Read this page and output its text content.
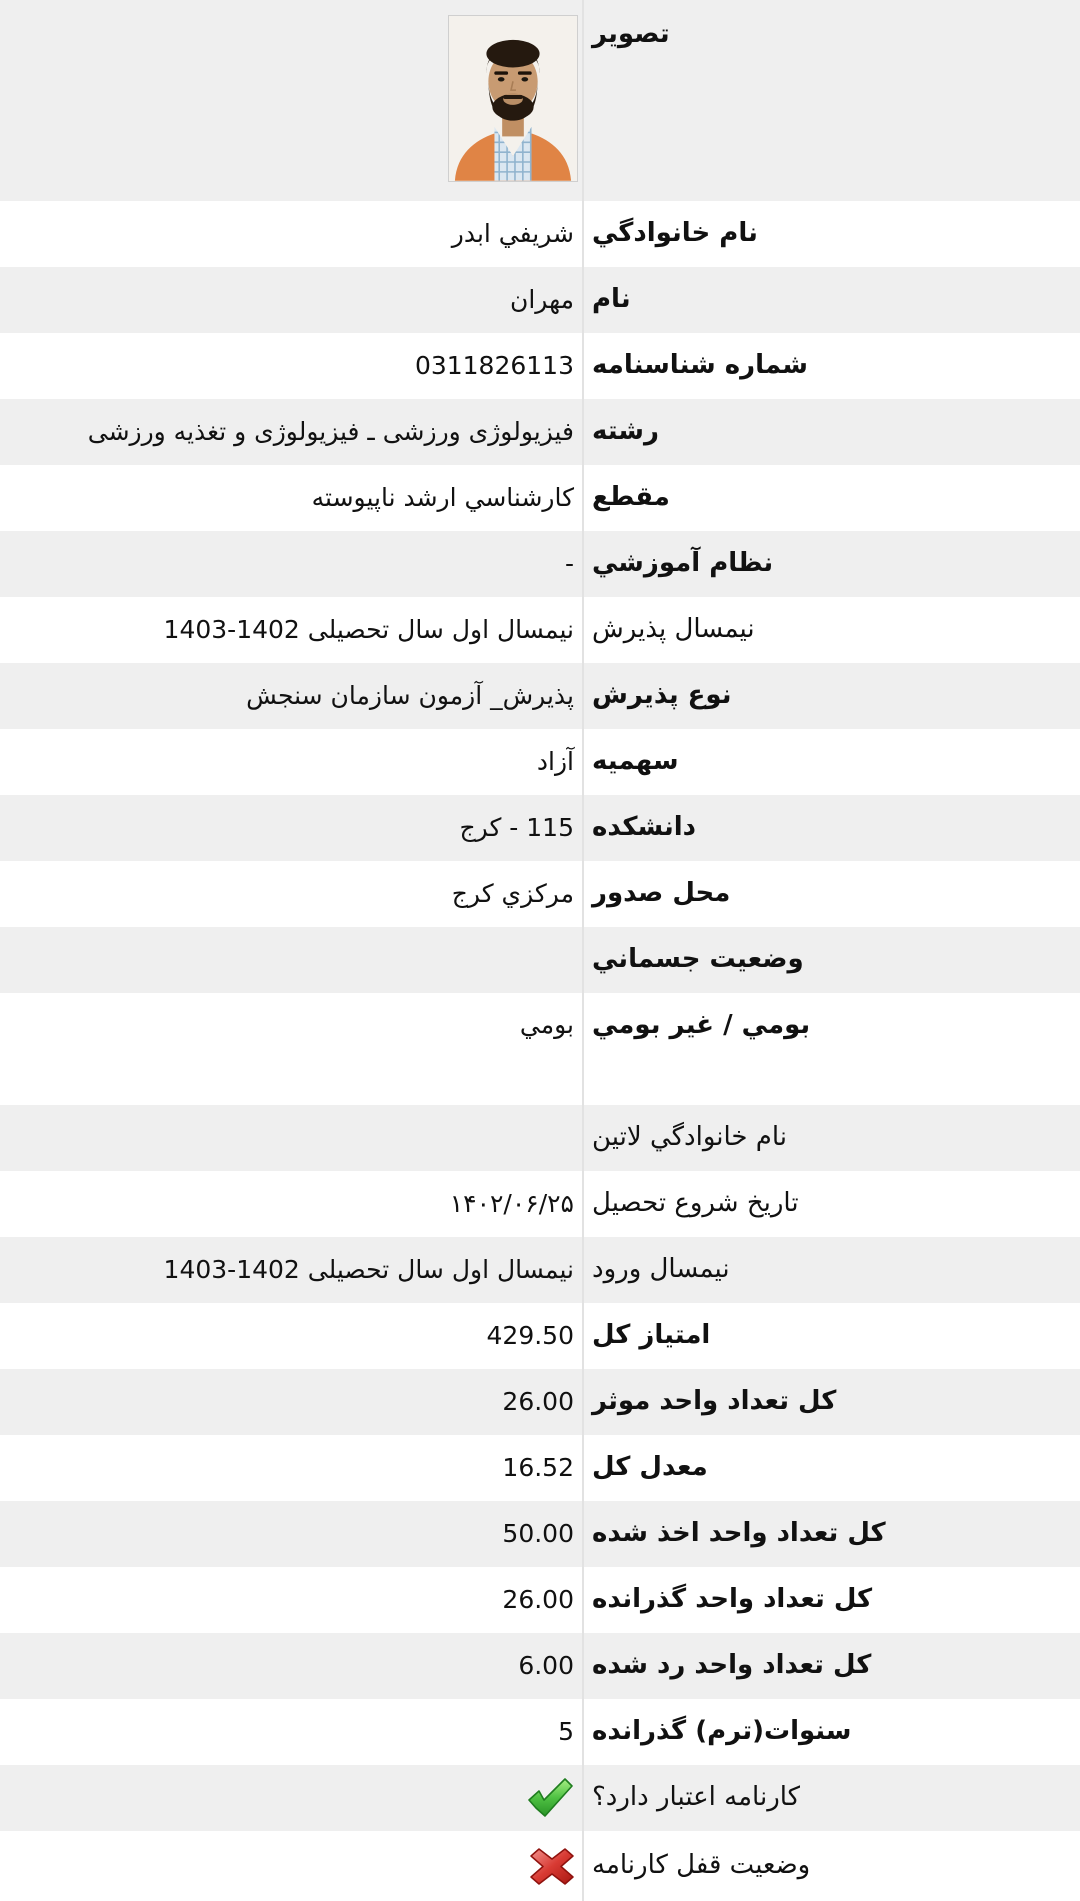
تصوير
شريفي ابدر نام خانوادگي
مهران نام
0311826113 شماره شناسنامه
فیزیولوژی ورزشی ـ فیزیولوژی و تغذیه ورزشی رشته
کارشناسي ارشد ناپيوسته مقطع
- نظام آموزشي
نیمسال اول سال تحصیلی 1402-1403 نيمسال پذيرش
پذیرش_ آزمون سازمان سنجش نوع پذيرش
آزاد سهميه
115 - کرج دانشکده
مرکزي کرج محل صدور
وضعيت جسماني
بومي بومي / غير بومي
نام خانوادگي لاتين
۱۴۰۲/۰۶/۲۵ تاريخ شروع تحصيل
نیمسال اول سال تحصیلی 1402-1403 نيمسال ورود
429.50 امتياز کل
26.00 کل تعداد واحد موثر
16.52 معدل کل
50.00 کل تعداد واحد اخذ شده
26.00 کل تعداد واحد گذرانده
6.00 کل تعداد واحد رد شده
5 سنوات(ترم) گذرانده
کارنامه اعتبار دارد؟
وضعيت قفل کارنامه
